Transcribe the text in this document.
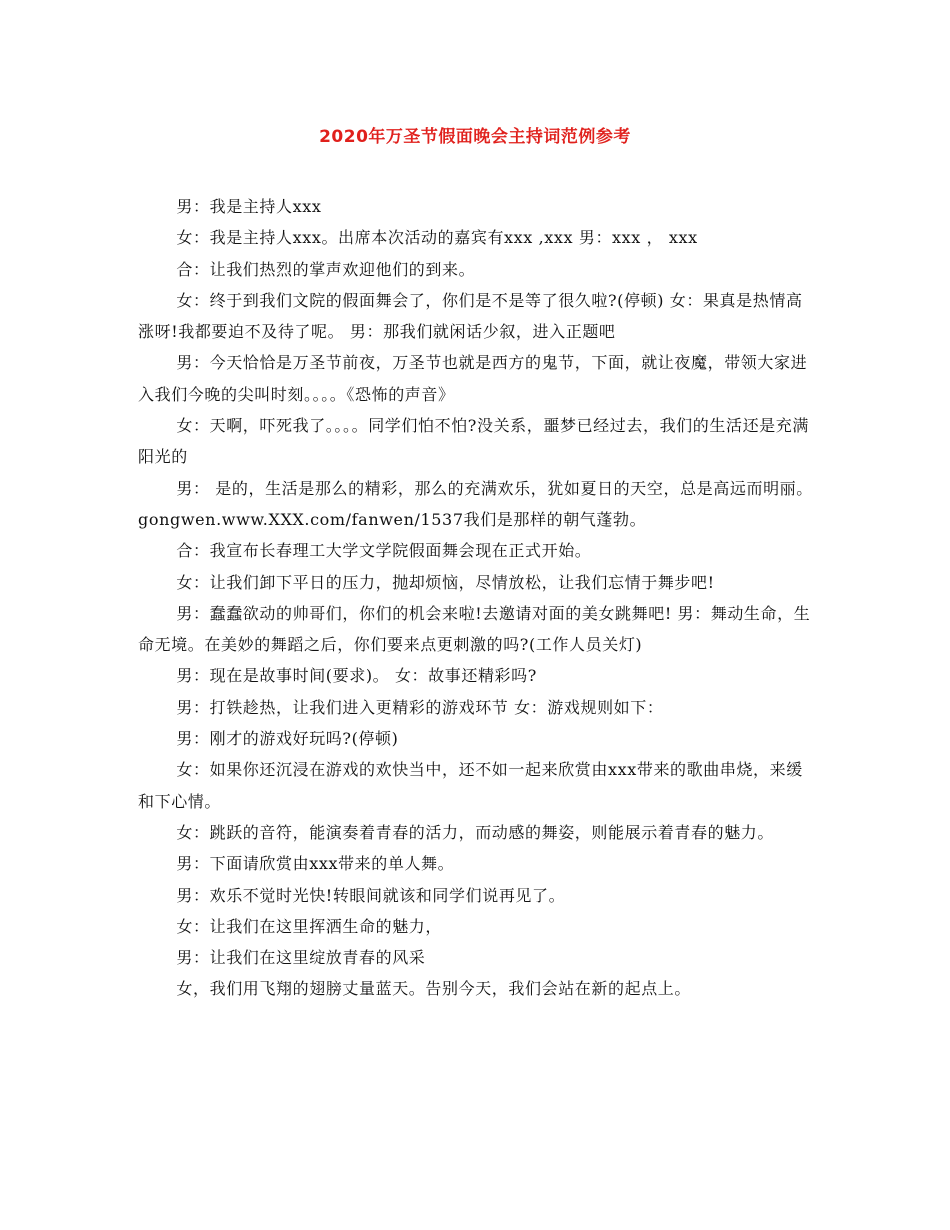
2020年万圣节假面晚会主持词范例参考

男：我是主持人xxx

女：我是主持人xxx。出席本次活动的嘉宾有xxx ,xxx 男：xxx ， xxx

合：让我们热烈的掌声欢迎他们的到来。

女：终于到我们文院的假面舞会了，你们是不是等了很久啦?(停顿) 女：果真是热情高涨呀!我都要迫不及待了呢。 男：那我们就闲话少叙，进入正题吧

男：今天恰恰是万圣节前夜，万圣节也就是西方的鬼节，下面，就让夜魔，带领大家进入我们今晚的尖叫时刻。。。。《恐怖的声音》

女：天啊，吓死我了。。。。同学们怕不怕?没关系，噩梦已经过去，我们的生活还是充满阳光的

男： 是的，生活是那么的精彩，那么的充满欢乐，犹如夏日的天空，总是高远而明丽。gongwen.www.XXX.com/fanwen/1537我们是那样的朝气蓬勃。

合：我宣布长春理工大学文学院假面舞会现在正式开始。

女：让我们卸下平日的压力，抛却烦恼，尽情放松，让我们忘情于舞步吧!

男：蠢蠢欲动的帅哥们，你们的机会来啦!去邀请对面的美女跳舞吧! 男：舞动生命，生命无境。在美妙的舞蹈之后，你们要来点更刺激的吗?(工作人员关灯)

男：现在是故事时间(要求)。 女：故事还精彩吗?

男：打铁趁热，让我们进入更精彩的游戏环节 女：游戏规则如下：

男：刚才的游戏好玩吗?(停顿)

女：如果你还沉浸在游戏的欢快当中，还不如一起来欣赏由xxx带来的歌曲串烧，来缓和下心情。

女：跳跃的音符，能演奏着青春的活力，而动感的舞姿，则能展示着青春的魅力。

男：下面请欣赏由xxx带来的单人舞。

男：欢乐不觉时光快!转眼间就该和同学们说再见了。

女：让我们在这里挥洒生命的魅力，

男：让我们在这里绽放青春的风采

女，我们用飞翔的翅膀丈量蓝天。告别今天，我们会站在新的起点上。
